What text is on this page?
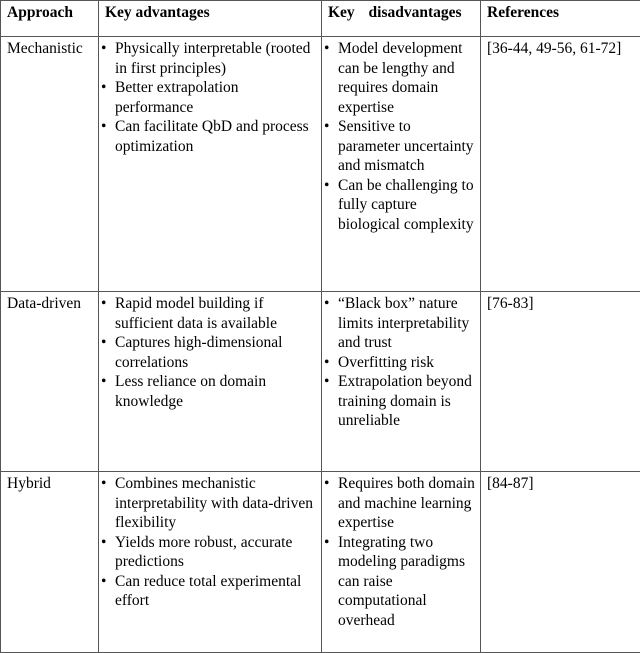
Approach	Key advantages	Key disadvantages	References
Mechanistic	
•Physically interpretable (rooted in first principles)
• Better extrapolation performance
• Can facilitate QbD and process optimization

• Model development can be lengthy and requires domain expertise
• Sensitive to parameter uncertainty and mismatch
• Can be challenging to fully capture biological complexity
	[36-44, 49-56, 61-72]
Data-driven	
•Rapid model building if sufficient data is available
• Captures high-dimensional correlations
• Less reliance on domain knowledge

• “Black box” nature limits interpretability and trust
• Overfitting risk
• Extrapolation beyond training domain is unreliable
	[76-83]
Hybrid	
•Combines mechanistic interpretability with data-driven flexibility
• Yields more robust, accurate predictions
• Can reduce total experimental effort

• Requires both domain and machine learning expertise
• Integrating two modeling paradigms can raise computational overhead
	[84-87]
